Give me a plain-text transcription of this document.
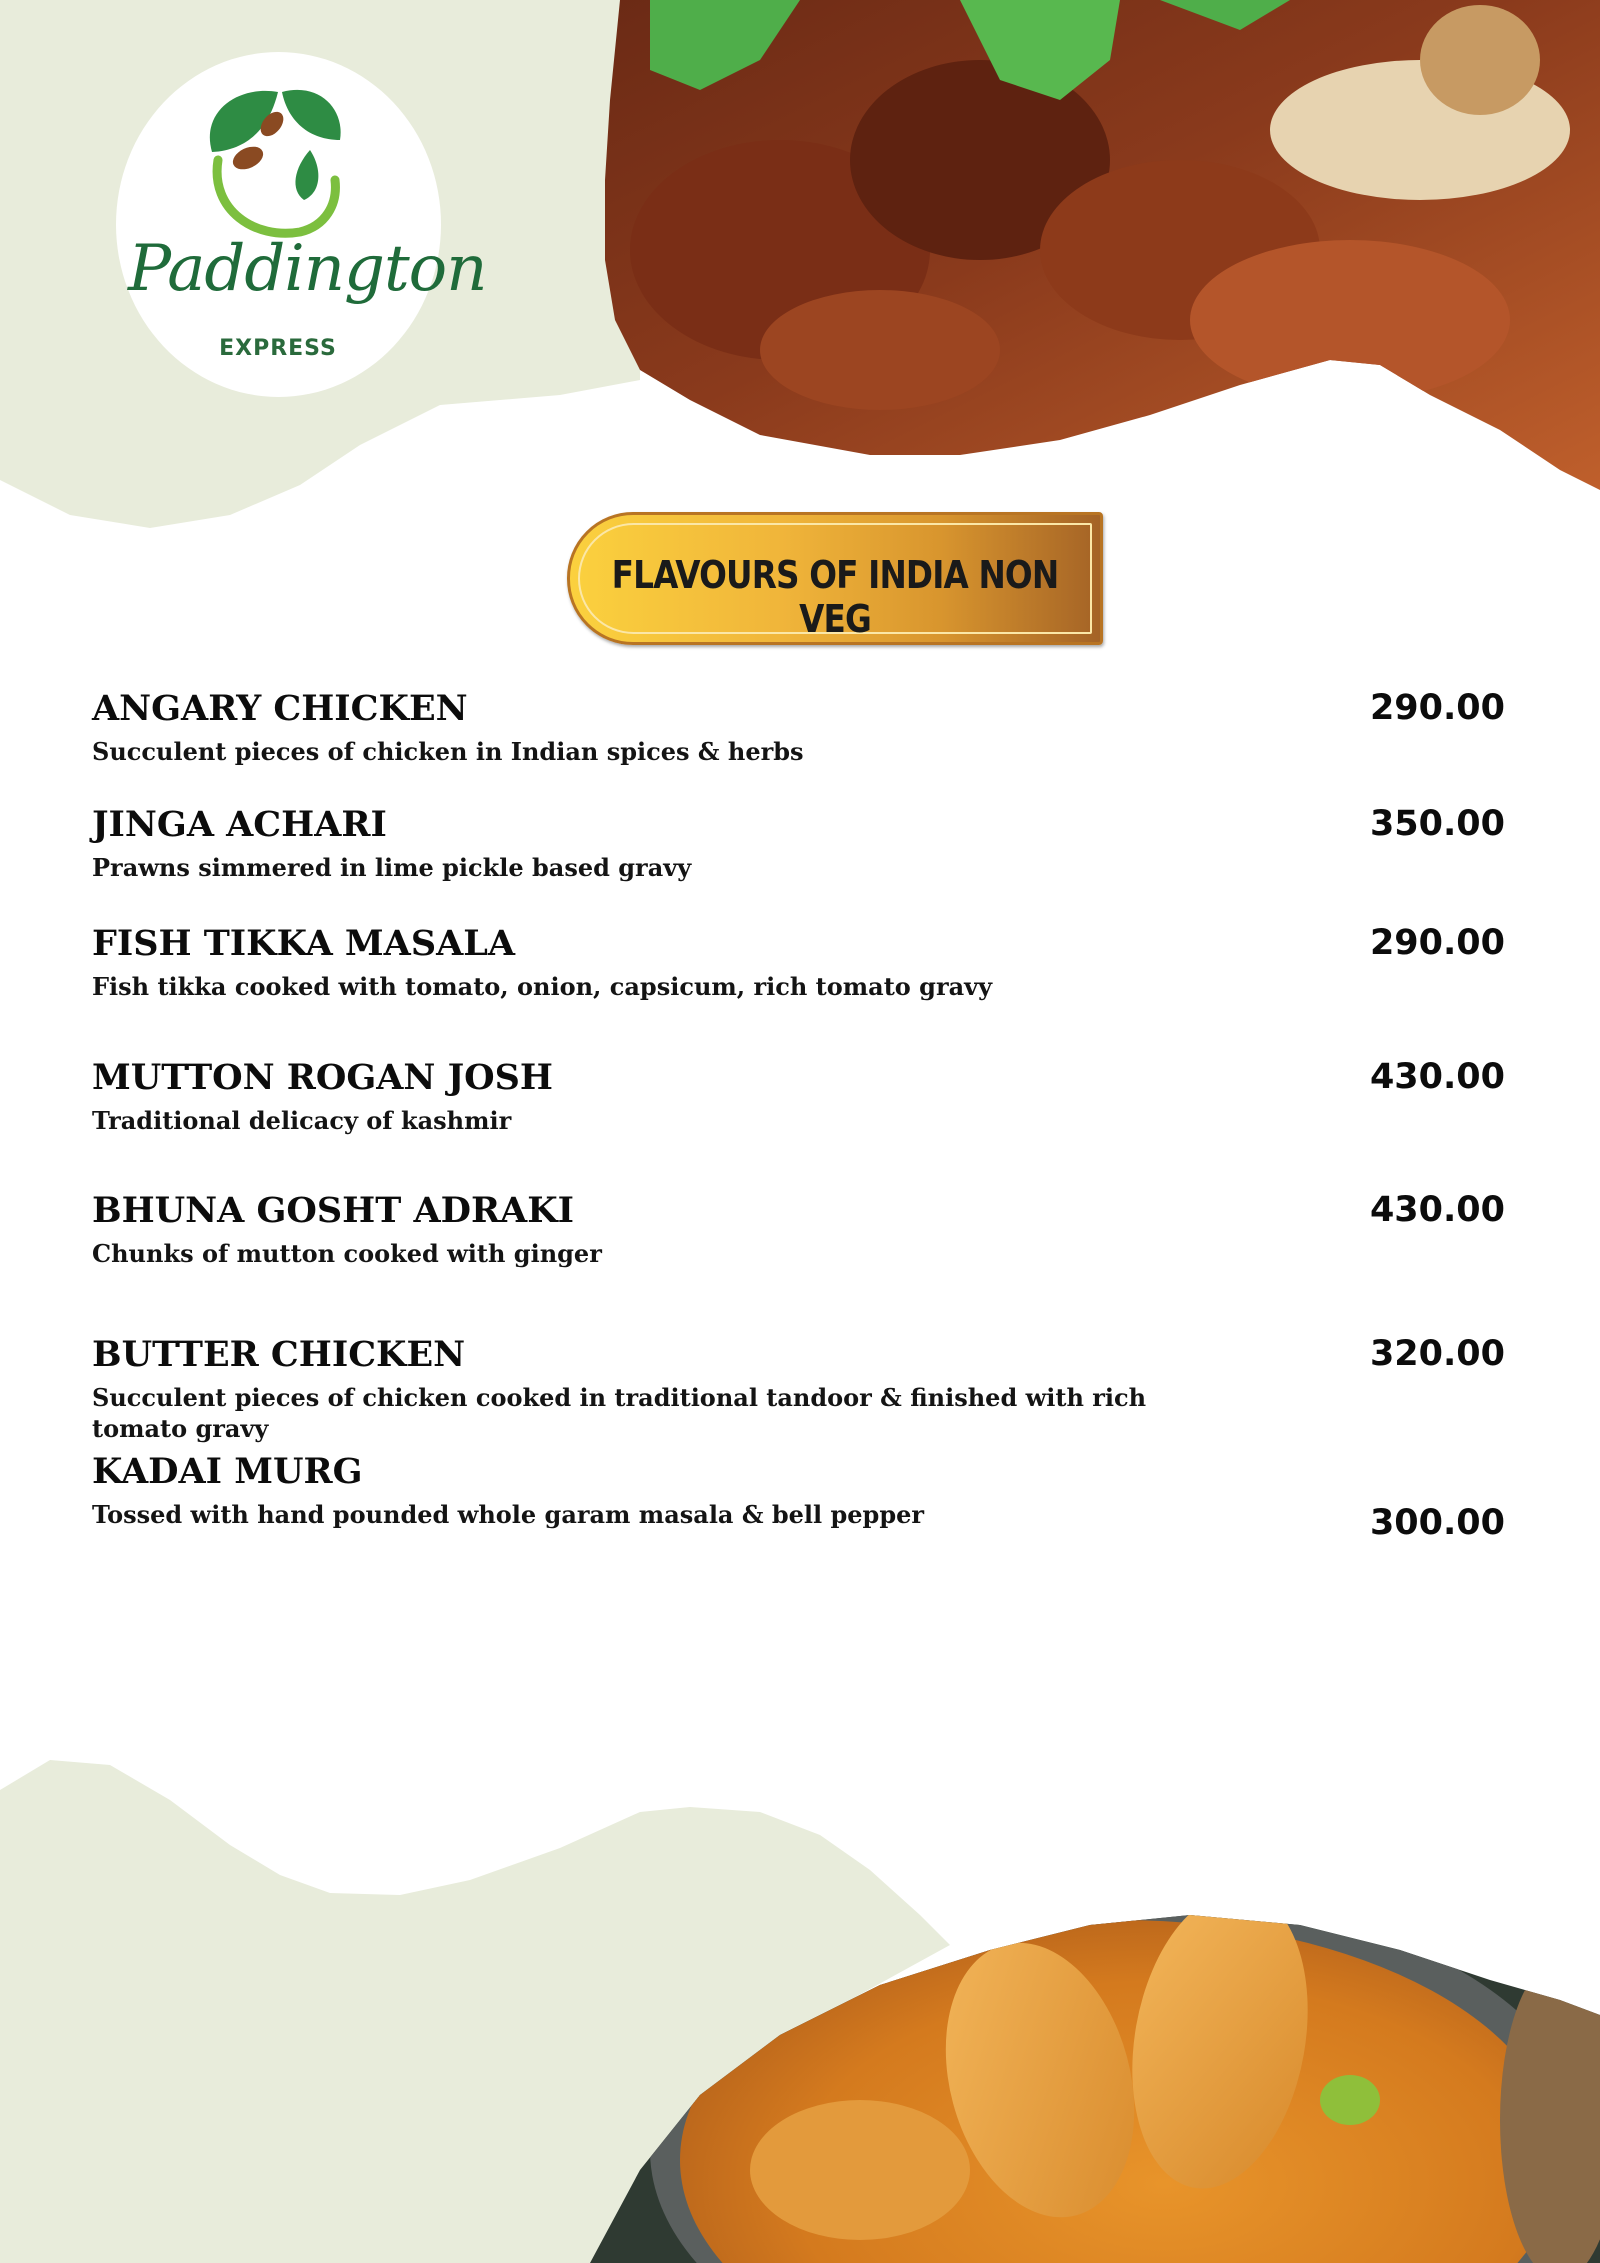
Paddington
EXPRESS
FLAVOURS OF INDIA NON VEG
ANGARY CHICKEN
Succulent pieces of chicken in Indian spices & herbs
290.00
JINGA ACHARI
Prawns simmered in lime pickle based gravy
350.00
FISH TIKKA MASALA
Fish tikka cooked with tomato, onion, capsicum, rich tomato gravy
290.00
MUTTON ROGAN JOSH
Traditional delicacy of kashmir
430.00
BHUNA GOSHT ADRAKI
Chunks of mutton cooked with ginger
430.00
BUTTER CHICKEN
Succulent pieces of chicken cooked in traditional tandoor & finished with rich tomato gravy
320.00
KADAI MURG
Tossed with hand pounded whole garam masala & bell pepper	300.00
